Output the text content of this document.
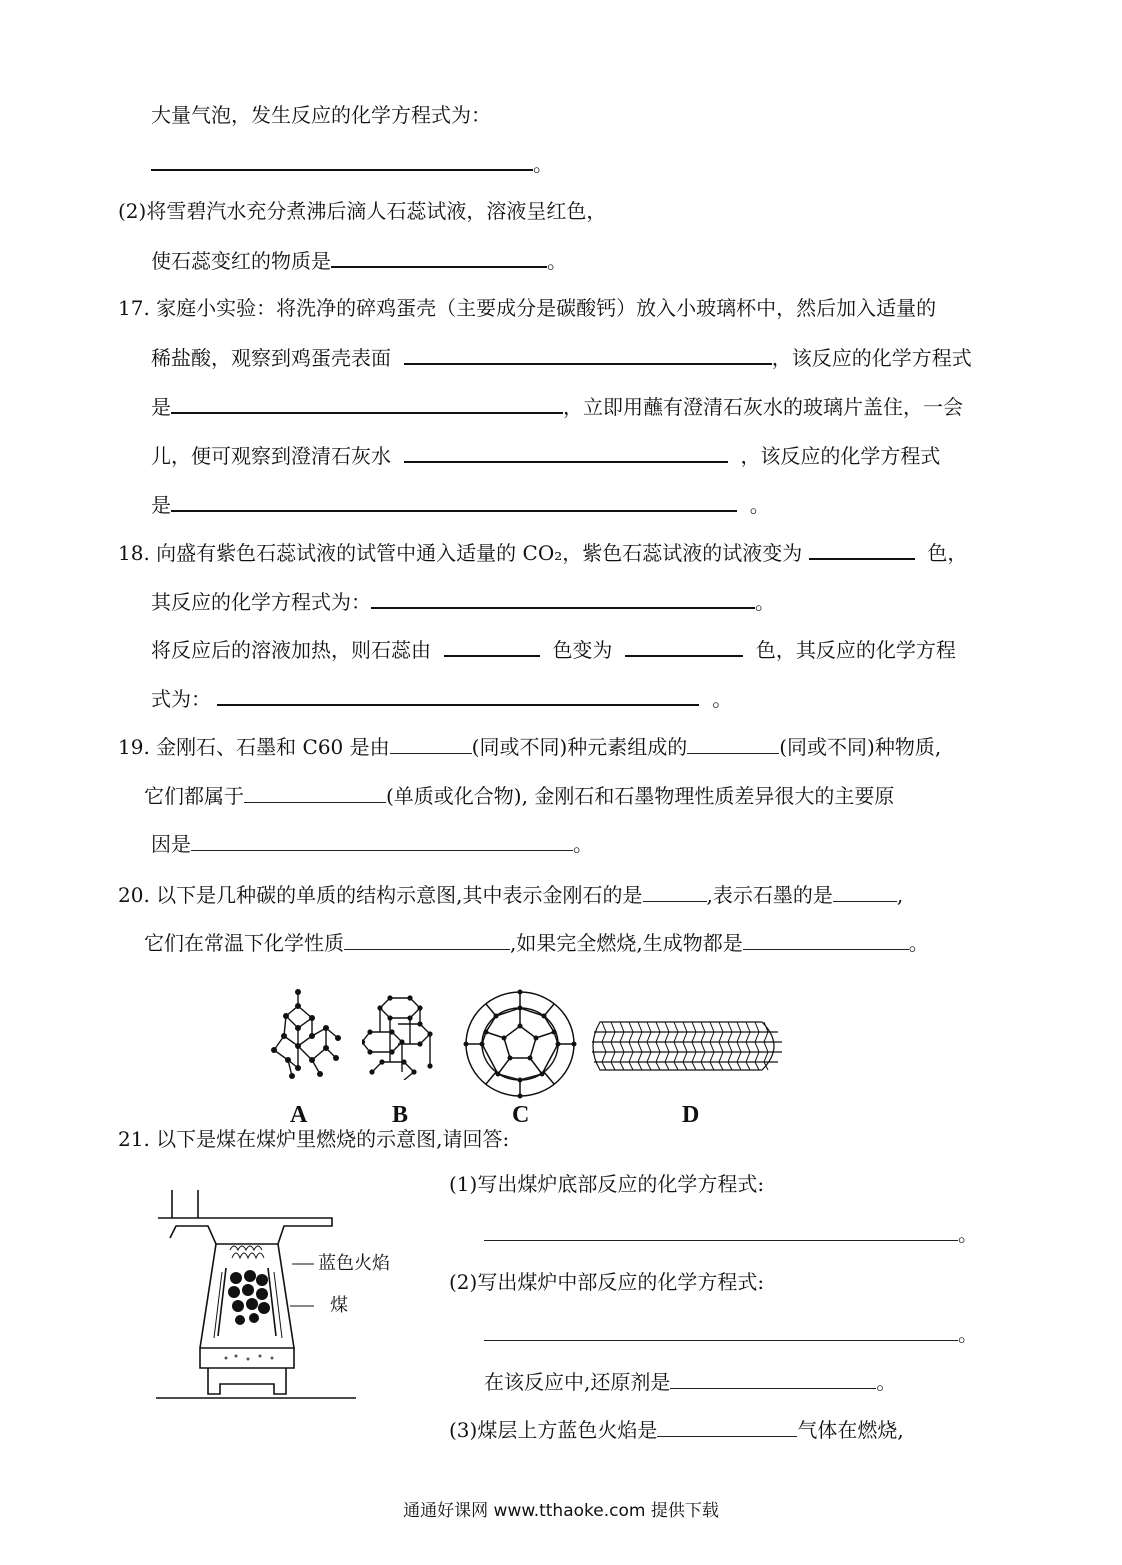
大量气泡，发生反应的化学方程式为：
。
(2)将雪碧汽水充分煮沸后滴人石蕊试液，溶液呈红色，
使石蕊变红的物质是	。
17. 家庭小实验：将洗净的碎鸡蛋壳（主要成分是碳酸钙）放入小玻璃杯中，然后加入适量的
稀盐酸，观察到鸡蛋壳表面	，该反应的化学方程式
是	，立即用蘸有澄清石灰水的玻璃片盖住，一会
儿，便可观察到澄清石灰水	，该反应的化学方程式
是	。
18. 向盛有紫色石蕊试液的试管中通入适量的 CO₂，紫色石蕊试液的试液变为	色，
其反应的化学方程式为：	。
将反应后的溶液加热，则石蕊由	色变为	色，其反应的化学方程
式为：	。
19. 金刚石、石墨和 C60 是由	(同或不同)种元素组成的	(同或不同)种物质,
它们都属于	(单质或化合物), 金刚石和石墨物理性质差异很大的主要原
因是	。
20. 以下是几种碳的单质的结构示意图,其中表示金刚石的是	,表示石墨的是	,
它们在常温下化学性质	,如果完全燃烧,生成物都是	。
A	B	C	D
21. 以下是煤在煤炉里燃烧的示意图,请回答:
蓝色火焰
煤
(1)写出煤炉底部反应的化学方程式:
。
(2)写出煤炉中部反应的化学方程式:
。
在该反应中,还原剂是	。
(3)煤层上方蓝色火焰是	气体在燃烧,
通通好课网 www.tthaoke.com 提供下载
